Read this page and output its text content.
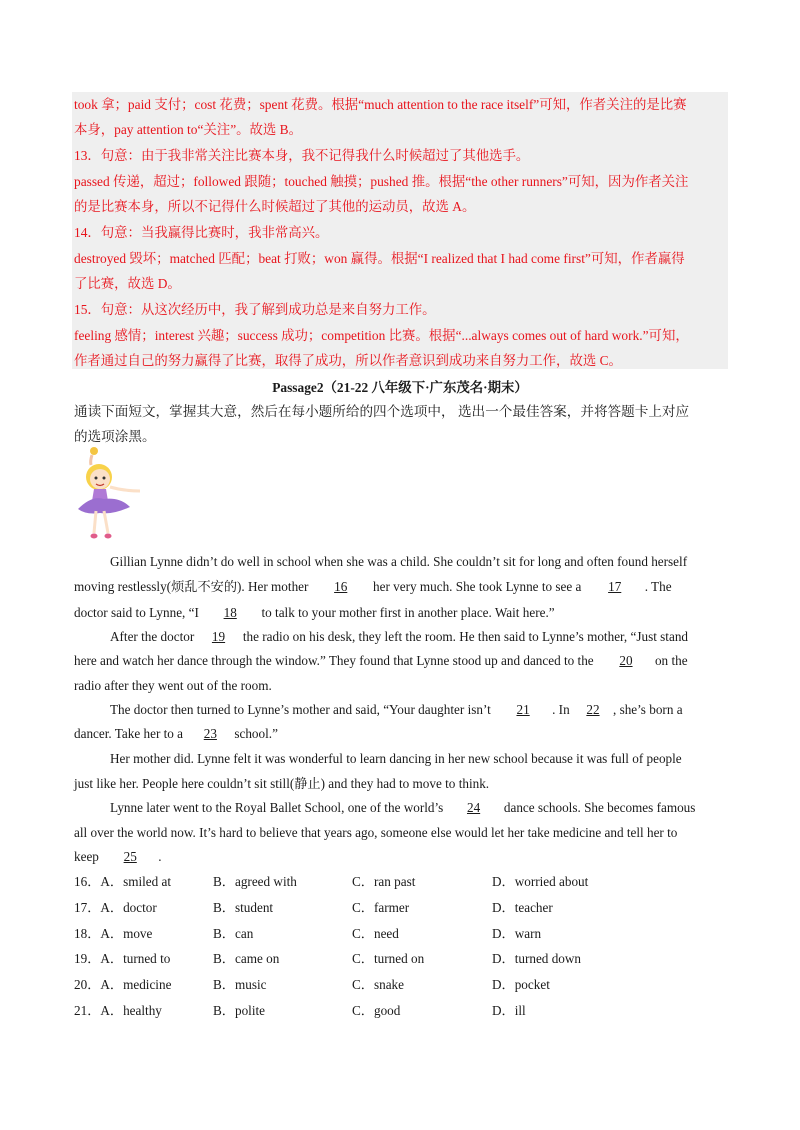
took 拿；paid 支付；cost 花费；spent 花费。根据“much attention to the race itself”可知，作者关注的是比赛
本身，pay attention to“关注”。故选 B。
13．句意：由于我非常关注比赛本身，我不记得我什么时候超过了其他选手。
passed 传递，超过；followed 跟随；touched 触摸；pushed 推。根据“the other runners”可知，因为作者关注
的是比赛本身，所以不记得什么时候超过了其他的运动员，故选 A。
14．句意：当我赢得比赛时，我非常高兴。
destroyed 毁坏；matched 匹配；beat 打败；won 赢得。根据“I realized that I had come first”可知，作者赢得
了比赛，故选 D。
15．句意：从这次经历中，我了解到成功总是来自努力工作。
feeling 感情；interest 兴趣；success 成功；competition 比赛。根据“...always comes out of hard work.”可知，
作者通过自己的努力赢得了比赛，取得了成功，所以作者意识到成功来自努力工作，故选 C。
Passage2（21-22 八年级下·广东茂名·期末）
通读下面短文，掌握其大意，然后在每小题所给的四个选项中， 选出一个最佳答案，并将答题卡上对应
的选项涂黑。
Gillian Lynne didn’t do well in school when she was a child. She couldn’t sit for long and often found herself
moving restlessly(烦乱不安的). Her mother 16 her very much. She took Lynne to see a 17 . The
doctor said to Lynne, “I 18 to talk to your mother first in another place. Wait here.”
After the doctor 19 the radio on his desk, they left the room. He then said to Lynne’s mother, “Just stand
here and watch her dance through the window.” They found that Lynne stood up and danced to the 20 on the
radio after they went out of the room.
The doctor then turned to Lynne’s mother and said, “Your daughter isn’t 21 . In 22 , she’s born a
dancer. Take her to a 23 school.”
Her mother did. Lynne felt it was wonderful to learn dancing in her new school because it was full of people
just like her. People here couldn’t sit still(静止) and they had to move to think.
Lynne later went to the Royal Ballet School, one of the world’s 24 dance schools. She becomes famous
all over the world now. It’s hard to believe that years ago, someone else would let her take medicine and tell her to
keep 25 .
16．A．smiled at	B．agreed with	C．ran past	D．worried about
17．A．doctor	B．student	C．farmer	D．teacher
18．A．move	B．can	C．need	D．warn
19．A．turned to	B．came on	C．turned on	D．turned down
20．A．medicine	B．music	C．snake	D．pocket
21．A．healthy	B．polite	C．good	D．ill
